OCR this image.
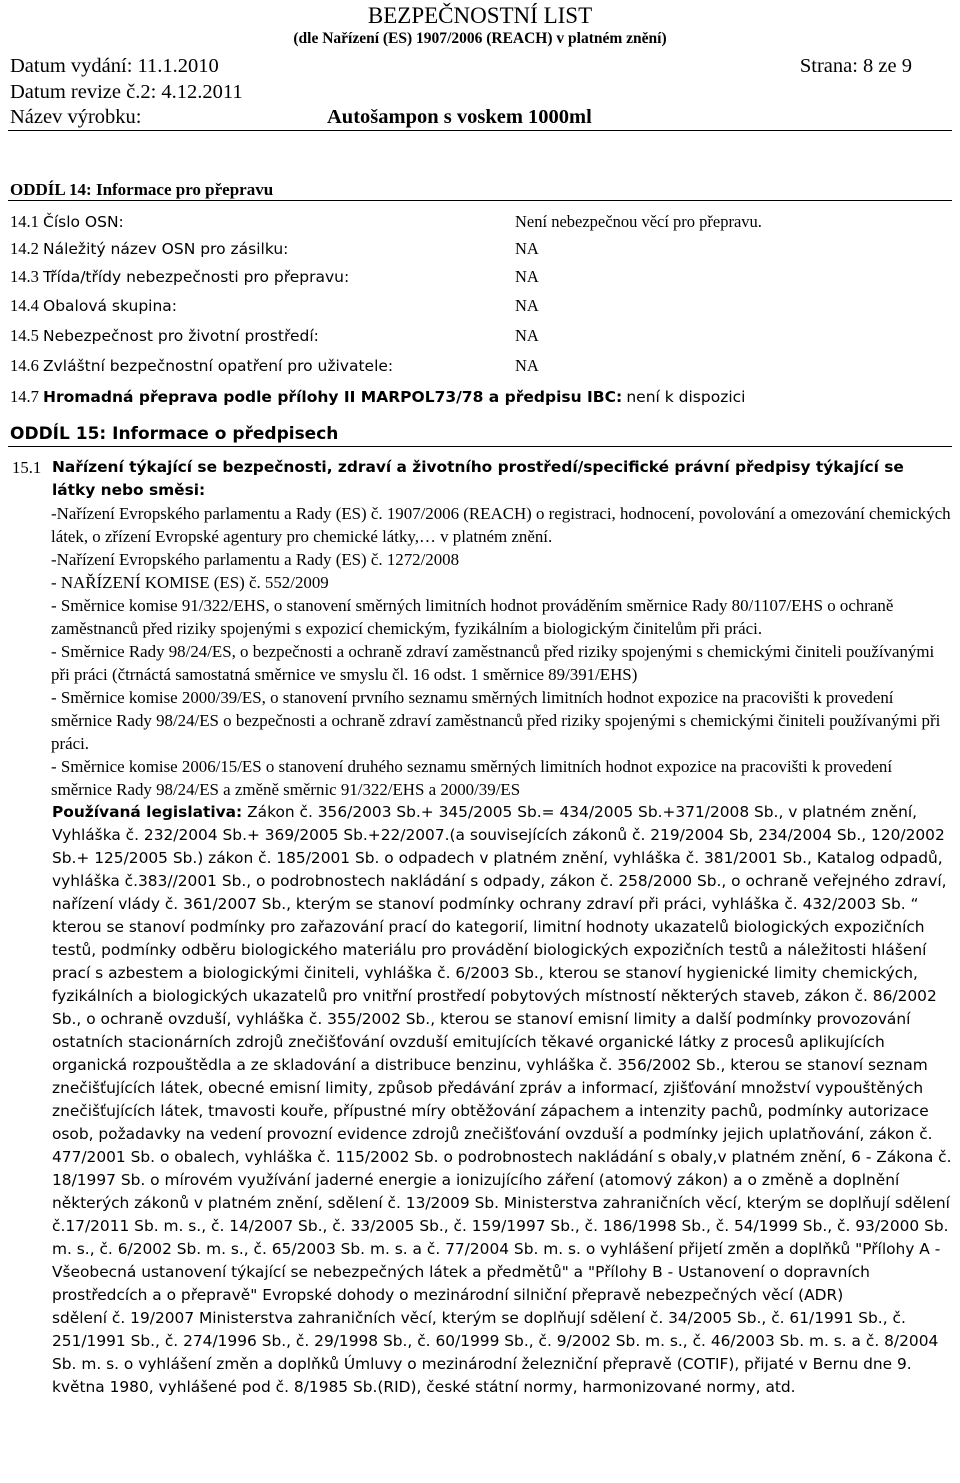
BEZPEČNOSTNÍ LIST
(dle Nařízení (ES) 1907/2006 (REACH) v platném znění)
Datum vydání: 11.1.2010	Strana: 8 ze 9
Datum revize č.2: 4.12.2011
Název výrobku:	Autošampon s voskem 1000ml
ODDÍL 14: Informace pro přepravu
14.1 Číslo OSN:	Není nebezpečnou věcí pro přepravu.
14.2 Náležitý název OSN pro zásilku:	NA
14.3 Třída/třídy nebezpečnosti pro přepravu:	NA
14.4 Obalová skupina:	NA
14.5 Nebezpečnost pro životní prostředí:	NA
14.6 Zvláštní bezpečnostní opatření pro uživatele:	NA
14.7 Hromadná přeprava podle přílohy II MARPOL73/78 a předpisu IBC: není k dispozici
ODDÍL 15: Informace o předpisech
15.1 Nařízení týkající se bezpečnosti, zdraví a životního prostředí/specifické právní předpisy týkající se látky nebo směsi:

-Nařízení Evropského parlamentu a Rady (ES) č. 1907/2006 (REACH) o registraci, hodnocení, povolování a omezování chemických látek, o zřízení Evropské agentury pro chemické látky,… v platném znění.

-Nařízení Evropského parlamentu a Rady (ES) č. 1272/2008

- NAŘÍZENÍ KOMISE (ES) č. 552/2009

- Směrnice komise 91/322/EHS, o stanovení směrných limitních hodnot prováděním směrnice Rady 80/1107/EHS o ochraně zaměstnanců před riziky spojenými s expozicí chemickým, fyzikálním a biologickým činitelům při práci.

- Směrnice Rady 98/24/ES, o bezpečnosti a ochraně zdraví zaměstnanců před riziky spojenými s chemickými činiteli používanými při práci (čtrnáctá samostatná směrnice ve smyslu čl. 16 odst. 1 směrnice 89/391/EHS)

- Směrnice komise 2000/39/ES, o stanovení prvního seznamu směrných limitních hodnot expozice na pracovišti k provedení směrnice Rady 98/24/ES o bezpečnosti a ochraně zdraví zaměstnanců před riziky spojenými s chemickými činiteli používanými při práci.

- Směrnice komise 2006/15/ES o stanovení druhého seznamu směrných limitních hodnot expozice na pracovišti k provedení směrnice Rady 98/24/ES a změně směrnic 91/322/EHS a 2000/39/ES

Používaná legislativa: Zákon č. 356/2003 Sb.+ 345/2005 Sb.= 434/2005 Sb.+371/2008 Sb., v platném znění, Vyhláška č. 232/2004 Sb.+ 369/2005 Sb.+22/2007.(a souvisejících zákonů č. 219/2004 Sb, 234/2004 Sb., 120/2002 Sb.+ 125/2005 Sb.) zákon č. 185/2001 Sb. o odpadech v platném znění, vyhláška č. 381/2001 Sb., Katalog odpadů, vyhláška č.383//2001 Sb., o podrobnostech nakládání s odpady, zákon č. 258/2000 Sb., o ochraně veřejného zdraví, nařízení vlády č. 361/2007 Sb., kterým se stanoví podmínky ochrany zdraví při práci, vyhláška č. 432/2003 Sb. “ kterou se stanoví podmínky pro zařazování prací do kategorií, limitní hodnoty ukazatelů biologických expozičních testů, podmínky odběru biologického materiálu pro provádění biologických expozičních testů a náležitosti hlášení prací s azbestem a biologickými činiteli, vyhláška č. 6/2003 Sb., kterou se stanoví hygienické limity chemických, fyzikálních a biologických ukazatelů pro vnitřní prostředí pobytových místností některých staveb, zákon č. 86/2002 Sb., o ochraně ovzduší, vyhláška č. 355/2002 Sb., kterou se stanoví emisní limity a další podmínky provozování ostatních stacionárních zdrojů znečišťování ovzduší emitujících těkavé organické látky z procesů aplikujících organická rozpouštědla a ze skladování a distribuce benzinu, vyhláška č. 356/2002 Sb., kterou se stanoví seznam znečišťujících látek, obecné emisní limity, způsob předávání zpráv a informací, zjišťování množství vypouštěných znečišťujících látek, tmavosti kouře, přípustné míry obtěžování zápachem a intenzity pachů, podmínky autorizace osob, požadavky na vedení provozní evidence zdrojů znečišťování ovzduší a podmínky jejich uplatňování, zákon č. 477/2001 Sb. o obalech, vyhláška č. 115/2002 Sb. o podrobnostech nakládání s obaly,v platném znění, 6 - Zákona č. 18/1997 Sb. o mírovém využívání jaderné energie a ionizujícího záření (atomový zákon) a o změně a doplnění některých zákonů v platném znění, sdělení č. 13/2009 Sb. Ministerstva zahraničních věcí, kterým se doplňují sdělení č.17/2011 Sb. m. s., č. 14/2007 Sb., č. 33/2005 Sb., č. 159/1997 Sb., č. 186/1998 Sb., č. 54/1999 Sb., č. 93/2000 Sb. m. s., č. 6/2002 Sb. m. s., č. 65/2003 Sb. m. s. a č. 77/2004 Sb. m. s. o vyhlášení přijetí změn a doplňků "Přílohy A - Všeobecná ustanovení týkající se nebezpečných látek a předmětů" a "Přílohy B - Ustanovení o dopravních prostředcích a o přepravě" Evropské dohody o mezinárodní silniční přepravě nebezpečných věcí (ADR)

sdělení č. 19/2007 Ministerstva zahraničních věcí, kterým se doplňují sdělení č. 34/2005 Sb., č. 61/1991 Sb., č. 251/1991 Sb., č. 274/1996 Sb., č. 29/1998 Sb., č. 60/1999 Sb., č. 9/2002 Sb. m. s., č. 46/2003 Sb. m. s. a č. 8/2004 Sb. m. s. o vyhlášení změn a doplňků Úmluvy o mezinárodní železniční přepravě (COTIF), přijaté v Bernu dne 9. května 1980, vyhlášené pod č. 8/1985 Sb.(RID), české státní normy, harmonizované normy, atd.
